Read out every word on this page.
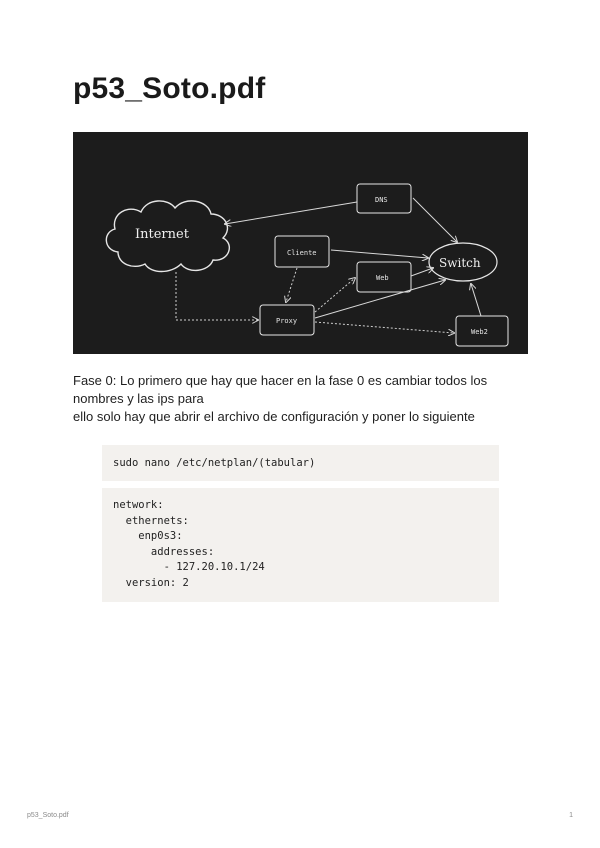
p53_Soto.pdf
Internet
DNS
Cliente
Web
Switch
Proxy
Web2

Fase 0: Lo primero que hay que hacer en la fase 0 es cambiar todos los nombres y las ips para

ello solo hay que abrir el archivo de configuración y poner lo siguiente

sudo nano /etc/netplan/(tabular)
network:
ethernets:
enp0s3:
addresses:
- 127.20.10.1/24
version: 2
p53_Soto.pdf	1
